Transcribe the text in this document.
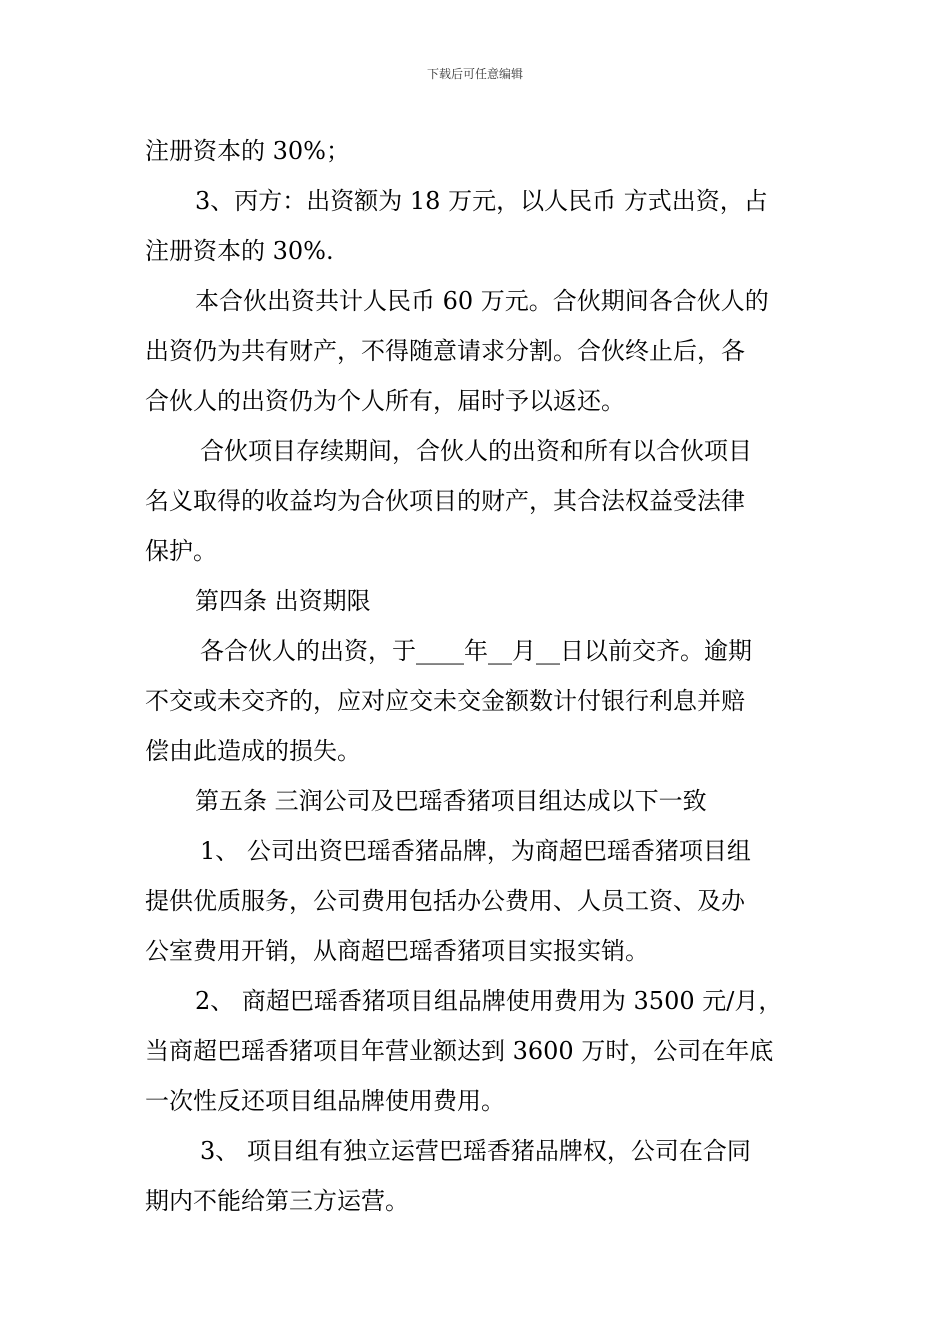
下载后可任意编辑
注册资本的 30%；
3、丙方：出资额为 18 万元，以人民币 方式出资，占
注册资本的 30%.
本合伙出资共计人民币 60 万元。合伙期间各合伙人的
出资仍为共有财产，不得随意请求分割。合伙终止后，各
合伙人的出资仍为个人所有，届时予以返还。
合伙项目存续期间，合伙人的出资和所有以合伙项目
名义取得的收益均为合伙项目的财产，其合法权益受法律
保护。
第四条 出资期限
各合伙人的出资，于____年__月__日以前交齐。逾期
不交或未交齐的，应对应交未交金额数计付银行利息并赔
偿由此造成的损失。
第五条 三润公司及巴瑶香猪项目组达成以下一致
1、 公司出资巴瑶香猪品牌，为商超巴瑶香猪项目组
提供优质服务，公司费用包括办公费用、人员工资、及办
公室费用开销，从商超巴瑶香猪项目实报实销。
2、 商超巴瑶香猪项目组品牌使用费用为 3500 元/月，
当商超巴瑶香猪项目年营业额达到 3600 万时，公司在年底
一次性反还项目组品牌使用费用。
3、 项目组有独立运营巴瑶香猪品牌权，公司在合同
期内不能给第三方运营。
